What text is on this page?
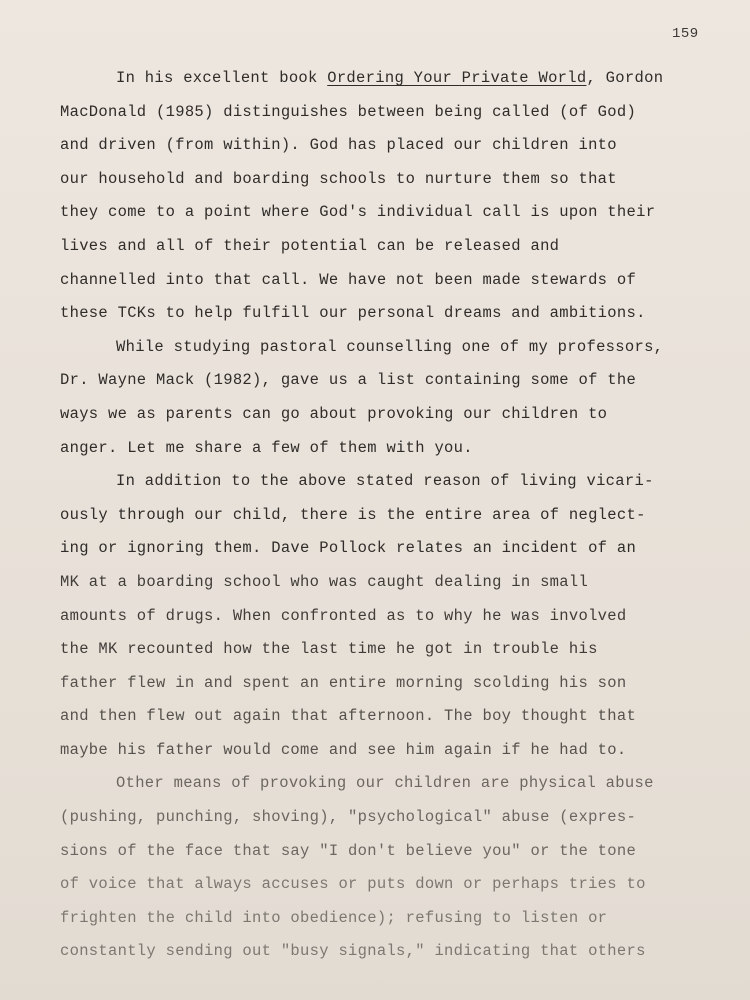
159
In his excellent book Ordering Your Private World, Gordon
MacDonald (1985) distinguishes between being called (of God)
and driven (from within). God has placed our children into
our household and boarding schools to nurture them so that
they come to a point where God's individual call is upon their
lives and all of their potential can be released and
channelled into that call. We have not been made stewards of
these TCKs to help fulfill our personal dreams and ambitions.
While studying pastoral counselling one of my professors,
Dr. Wayne Mack (1982), gave us a list containing some of the
ways we as parents can go about provoking our children to
anger. Let me share a few of them with you.
In addition to the above stated reason of living vicari-
ously through our child, there is the entire area of neglect-
ing or ignoring them. Dave Pollock relates an incident of an
MK at a boarding school who was caught dealing in small
amounts of drugs. When confronted as to why he was involved
the MK recounted how the last time he got in trouble his
father flew in and spent an entire morning scolding his son
and then flew out again that afternoon. The boy thought that
maybe his father would come and see him again if he had to.
Other means of provoking our children are physical abuse
(pushing, punching, shoving), "psychological" abuse (expres-
sions of the face that say "I don't believe you" or the tone
of voice that always accuses or puts down or perhaps tries to
frighten the child into obedience); refusing to listen or
constantly sending out "busy signals," indicating that others
